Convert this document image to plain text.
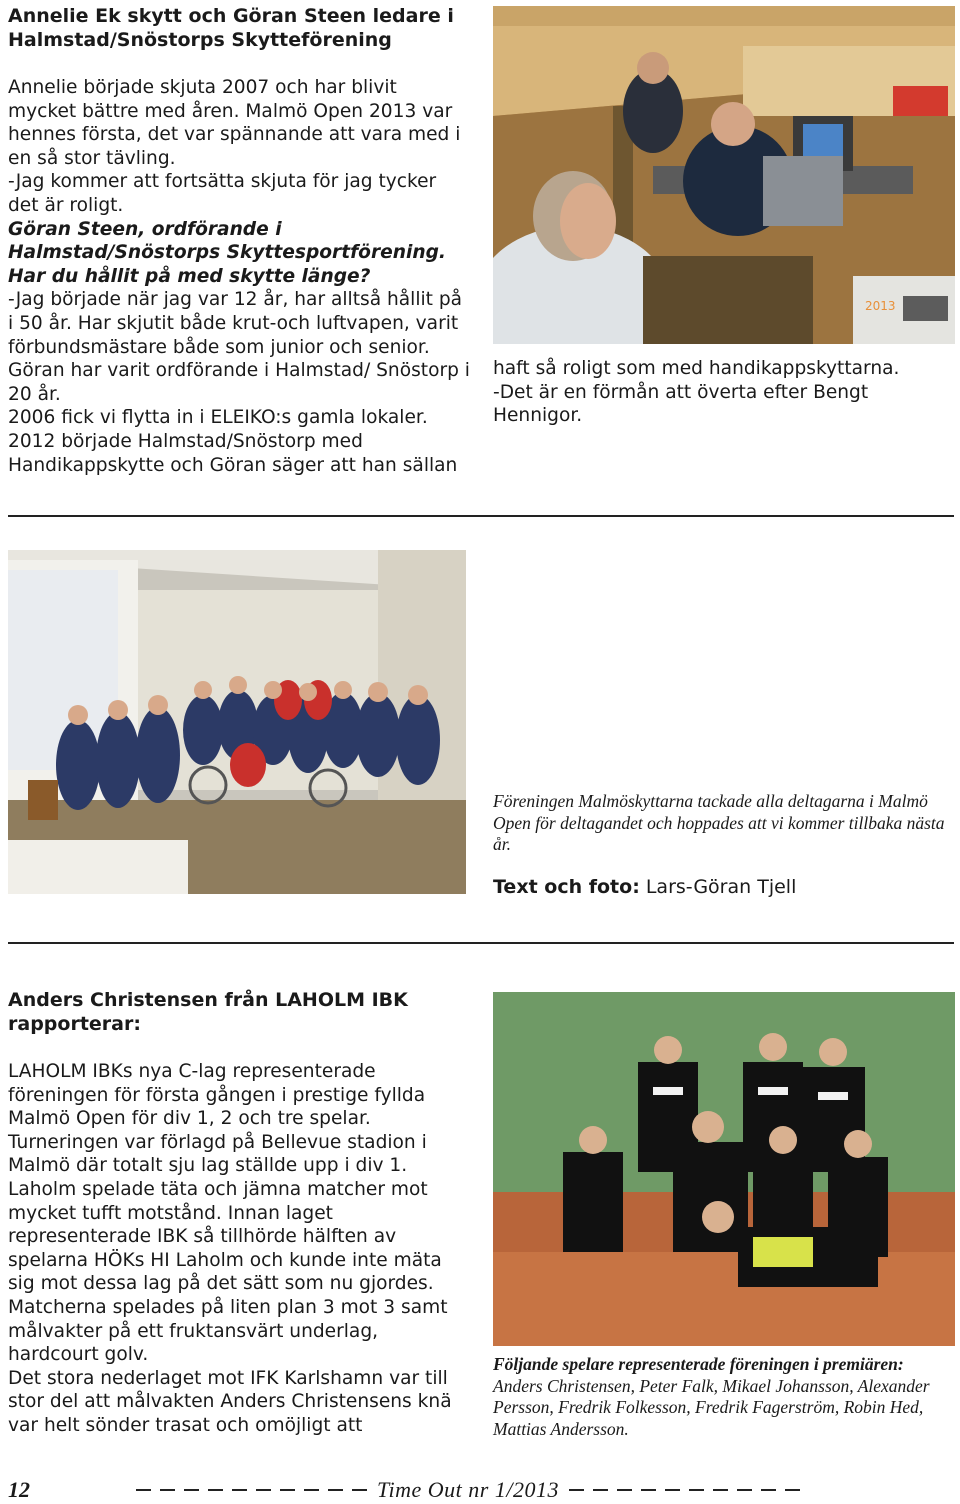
Annelie Ek skytt och Göran Steen ledare i Halmstad/Snöstorps Skytteförening

Annelie började skjuta 2007 och har blivit mycket bättre med åren. Malmö Open 2013 var hennes första, det var spännande att vara med i en så stor tävling.

-Jag kommer att fortsätta skjuta för jag tycker det är roligt.

Göran Steen, ordförande i Halmstad/Snöstorps Skyttesportförening. Har du hållit på med skytte länge?

-Jag började när jag var 12 år, har alltså hållit på i 50 år. Har skjutit både krut-och luftvapen, varit förbundsmästare både som junior och senior. Göran har varit ordförande i Halmstad/ Snöstorp i 20 år.

2006 fick vi flytta in i ELEIKO:s gamla lokaler.

2012 började Halmstad/Snöstorp med Handikappskytte och Göran säger att han sällan

2013

haft så roligt som med handikappskyttarna.

-Det är en förmån att överta efter Bengt Hennigor.

Föreningen Malmöskyttarna tackade alla deltagarna i Malmö Open för deltagandet och hoppades att vi kommer tillbaka nästa år.

Text och foto: Lars-Göran Tjell

Anders Christensen från LAHOLM IBK rapporterar:

LAHOLM IBKs nya C-lag representerade föreningen för första gången i prestige fyllda Malmö Open för div 1, 2 och tre spelar.

Turneringen var förlagd på Bellevue stadion i Malmö där totalt sju lag ställde upp i div 1. Laholm spelade täta och jämna matcher mot mycket tufft motstånd. Innan laget representerade IBK så tillhörde hälften av spelarna HÖKs HI Laholm och kunde inte mäta sig mot dessa lag på det sätt som nu gjordes.

Matcherna spelades på liten plan 3 mot 3 samt målvakter på ett fruktansvärt underlag, hardcourt golv.

Det stora nederlaget mot IFK Karlshamn var till stor del att målvakten Anders Christensens knä var helt sönder trasat och omöjligt att

Följande spelare representerade föreningen i premiären: Anders Christensen, Peter Falk, Mikael Johansson, Alexander Persson, Fredrik Folkesson, Fredrik Fagerström, Robin Hed, Mattias Andersson.

12	Time Out nr 1/2013
